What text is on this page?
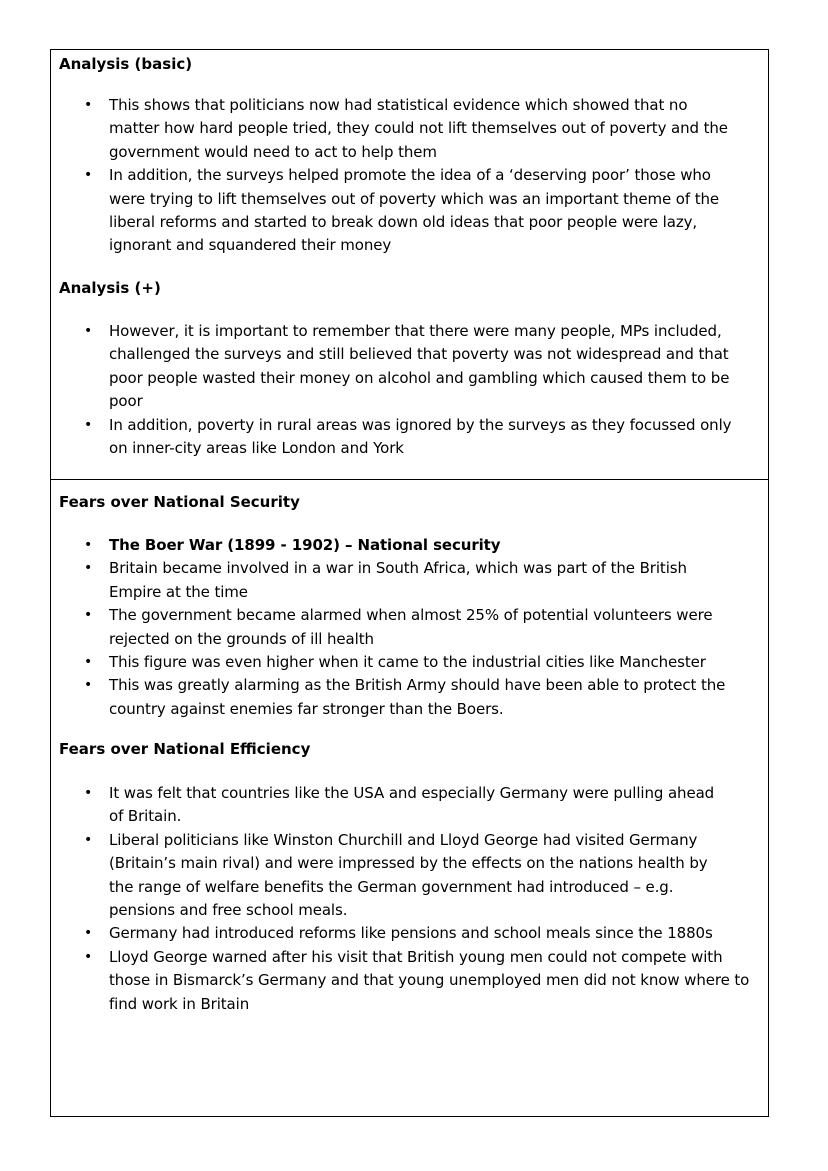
Analysis (basic)
• This shows that politicians now had statistical evidence which showed that no
matter how hard people tried, they could not lift themselves out of poverty and the
government would need to act to help them
• In addition, the surveys helped promote the idea of a ‘deserving poor’ those who
were trying to lift themselves out of poverty which was an important theme of the
liberal reforms and started to break down old ideas that poor people were lazy,
ignorant and squandered their money
Analysis (+)
• However, it is important to remember that there were many people, MPs included,
challenged the surveys and still believed that poverty was not widespread and that
poor people wasted their money on alcohol and gambling which caused them to be
poor
• In addition, poverty in rural areas was ignored by the surveys as they focussed only
on inner-city areas like London and York
Fears over National Security
• The Boer War (1899 - 1902) – National security
• Britain became involved in a war in South Africa, which was part of the British
Empire at the time
• The government became alarmed when almost 25% of potential volunteers were
rejected on the grounds of ill health
• This figure was even higher when it came to the industrial cities like Manchester
• This was greatly alarming as the British Army should have been able to protect the
country against enemies far stronger than the Boers.
Fears over National Efficiency
• It was felt that countries like the USA and especially Germany were pulling ahead
of Britain.
• Liberal politicians like Winston Churchill and Lloyd George had visited Germany
(Britain’s main rival) and were impressed by the effects on the nations health by
the range of welfare benefits the German government had introduced – e.g.
pensions and free school meals.
• Germany had introduced reforms like pensions and school meals since the 1880s
• Lloyd George warned after his visit that British young men could not compete with
those in Bismarck’s Germany and that young unemployed men did not know where to
find work in Britain
